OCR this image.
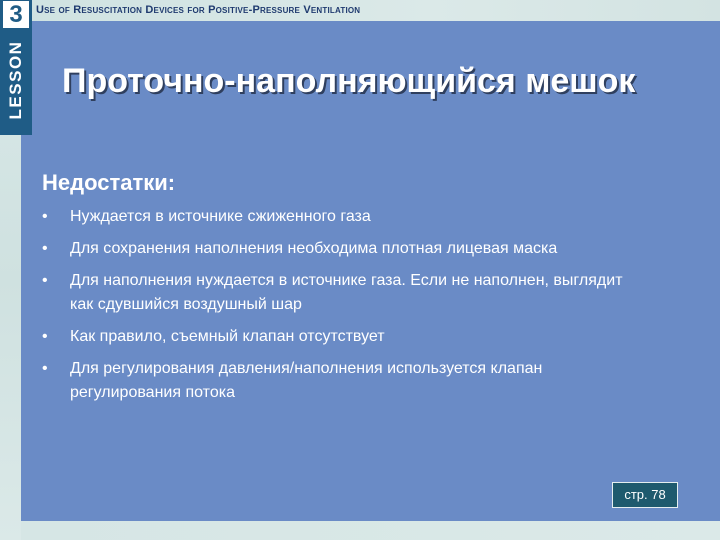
Use of Resuscitation Devices for Positive-Pressure Ventilation
3
LESSON Проточно-наполняющийся мешок
Недостатки:
• Нуждается в источнике сжиженного газа
• Для сохранения наполнения необходима плотная лицевая маска
• Для наполнения нуждается в источнике газа. Если не наполнен, выглядит как сдувшийся воздушный шар
• Как правило, съемный клапан отсутствует
• Для регулирования давления/наполнения используется клапан регулирования потока
стр. 78
